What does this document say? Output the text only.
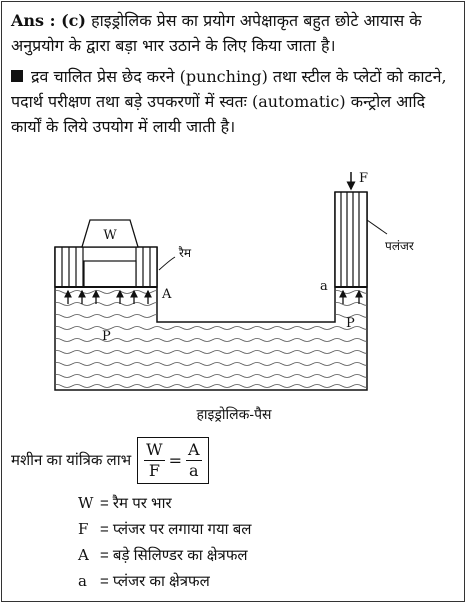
Ans : (c) हाइड्रोलिक प्रेस का प्रयोग अपेक्षाकृत बहुत छोटे आयास के अनुप्रयोग के द्वारा बड़ा भार उठाने के लिए किया जाता है।
द्रव चालित प्रेस छेद करने (punching) तथा स्टील के प्लेटों को काटने, पदार्थ परीक्षण तथा बड़े उपकरणों में स्वतः (automatic) कन्ट्रोल आदि कार्यों के लिये उपयोग में लायी जाती है।
W
रैम
A
P
F
पलंजर
a
P
हाइड्रोलिक-पैस
मशीन का यांत्रिक लाभ $\frac{W}{F} = \frac{A}{a}$
W = रैम पर भार
F = प्लंजर पर लगाया गया बल
A = बड़े सिलिण्डर का क्षेत्रफल
a = प्लंजर का क्षेत्रफल
